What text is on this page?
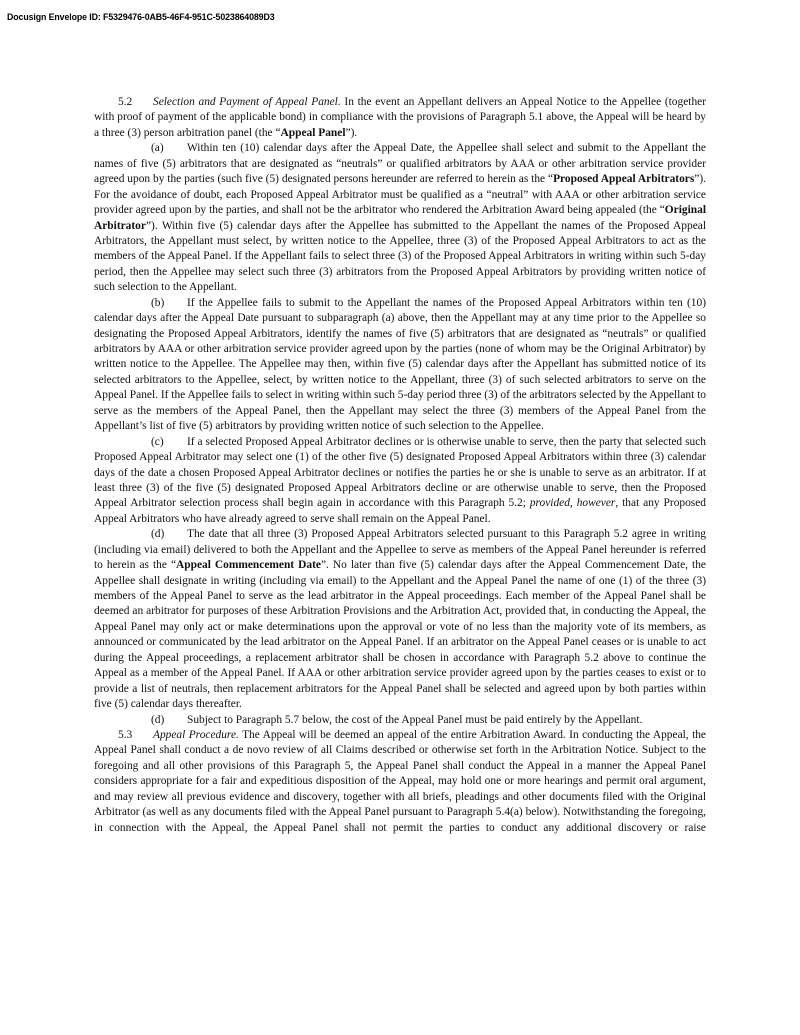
Docusign Envelope ID: F5329476-0AB5-46F4-951C-5023864089D3

5.2 Selection and Payment of Appeal Panel. In the event an Appellant delivers an Appeal Notice to the Appellee (together with proof of payment of the applicable bond) in compliance with the provisions of Paragraph 5.1 above, the Appeal will be heard by a three (3) person arbitration panel (the “Appeal Panel”).

(a) Within ten (10) calendar days after the Appeal Date, the Appellee shall select and submit to the Appellant the names of five (5) arbitrators that are designated as “neutrals” or qualified arbitrators by AAA or other arbitration service provider agreed upon by the parties (such five (5) designated persons hereunder are referred to herein as the “Proposed Appeal Arbitrators”). For the avoidance of doubt, each Proposed Appeal Arbitrator must be qualified as a “neutral” with AAA or other arbitration service provider agreed upon by the parties, and shall not be the arbitrator who rendered the Arbitration Award being appealed (the “Original Arbitrator”). Within five (5) calendar days after the Appellee has submitted to the Appellant the names of the Proposed Appeal Arbitrators, the Appellant must select, by written notice to the Appellee, three (3) of the Proposed Appeal Arbitrators to act as the members of the Appeal Panel. If the Appellant fails to select three (3) of the Proposed Appeal Arbitrators in writing within such 5-day period, then the Appellee may select such three (3) arbitrators from the Proposed Appeal Arbitrators by providing written notice of such selection to the Appellant.

(b) If the Appellee fails to submit to the Appellant the names of the Proposed Appeal Arbitrators within ten (10) calendar days after the Appeal Date pursuant to subparagraph (a) above, then the Appellant may at any time prior to the Appellee so designating the Proposed Appeal Arbitrators, identify the names of five (5) arbitrators that are designated as “neutrals” or qualified arbitrators by AAA or other arbitration service provider agreed upon by the parties (none of whom may be the Original Arbitrator) by written notice to the Appellee. The Appellee may then, within five (5) calendar days after the Appellant has submitted notice of its selected arbitrators to the Appellee, select, by written notice to the Appellant, three (3) of such selected arbitrators to serve on the Appeal Panel. If the Appellee fails to select in writing within such 5-day period three (3) of the arbitrators selected by the Appellant to serve as the members of the Appeal Panel, then the Appellant may select the three (3) members of the Appeal Panel from the Appellant’s list of five (5) arbitrators by providing written notice of such selection to the Appellee.

(c) If a selected Proposed Appeal Arbitrator declines or is otherwise unable to serve, then the party that selected such Proposed Appeal Arbitrator may select one (1) of the other five (5) designated Proposed Appeal Arbitrators within three (3) calendar days of the date a chosen Proposed Appeal Arbitrator declines or notifies the parties he or she is unable to serve as an arbitrator. If at least three (3) of the five (5) designated Proposed Appeal Arbitrators decline or are otherwise unable to serve, then the Proposed Appeal Arbitrator selection process shall begin again in accordance with this Paragraph 5.2; provided, however, that any Proposed Appeal Arbitrators who have already agreed to serve shall remain on the Appeal Panel.

(d) The date that all three (3) Proposed Appeal Arbitrators selected pursuant to this Paragraph 5.2 agree in writing (including via email) delivered to both the Appellant and the Appellee to serve as members of the Appeal Panel hereunder is referred to herein as the “Appeal Commencement Date”. No later than five (5) calendar days after the Appeal Commencement Date, the Appellee shall designate in writing (including via email) to the Appellant and the Appeal Panel the name of one (1) of the three (3) members of the Appeal Panel to serve as the lead arbitrator in the Appeal proceedings. Each member of the Appeal Panel shall be deemed an arbitrator for purposes of these Arbitration Provisions and the Arbitration Act, provided that, in conducting the Appeal, the Appeal Panel may only act or make determinations upon the approval or vote of no less than the majority vote of its members, as announced or communicated by the lead arbitrator on the Appeal Panel. If an arbitrator on the Appeal Panel ceases or is unable to act during the Appeal proceedings, a replacement arbitrator shall be chosen in accordance with Paragraph 5.2 above to continue the Appeal as a member of the Appeal Panel. If AAA or other arbitration service provider agreed upon by the parties ceases to exist or to provide a list of neutrals, then replacement arbitrators for the Appeal Panel shall be selected and agreed upon by both parties within five (5) calendar days thereafter.

(d) Subject to Paragraph 5.7 below, the cost of the Appeal Panel must be paid entirely by the Appellant.

5.3 Appeal Procedure. The Appeal will be deemed an appeal of the entire Arbitration Award. In conducting the Appeal, the Appeal Panel shall conduct a de novo review of all Claims described or otherwise set forth in the Arbitration Notice. Subject to the foregoing and all other provisions of this Paragraph 5, the Appeal Panel shall conduct the Appeal in a manner the Appeal Panel considers appropriate for a fair and expeditious disposition of the Appeal, may hold one or more hearings and permit oral argument, and may review all previous evidence and discovery, together with all briefs, pleadings and other documents filed with the Original Arbitrator (as well as any documents filed with the Appeal Panel pursuant to Paragraph 5.4(a) below). Notwithstanding the foregoing, in connection with the Appeal, the Appeal Panel shall not permit the parties to conduct any additional discovery or raise
